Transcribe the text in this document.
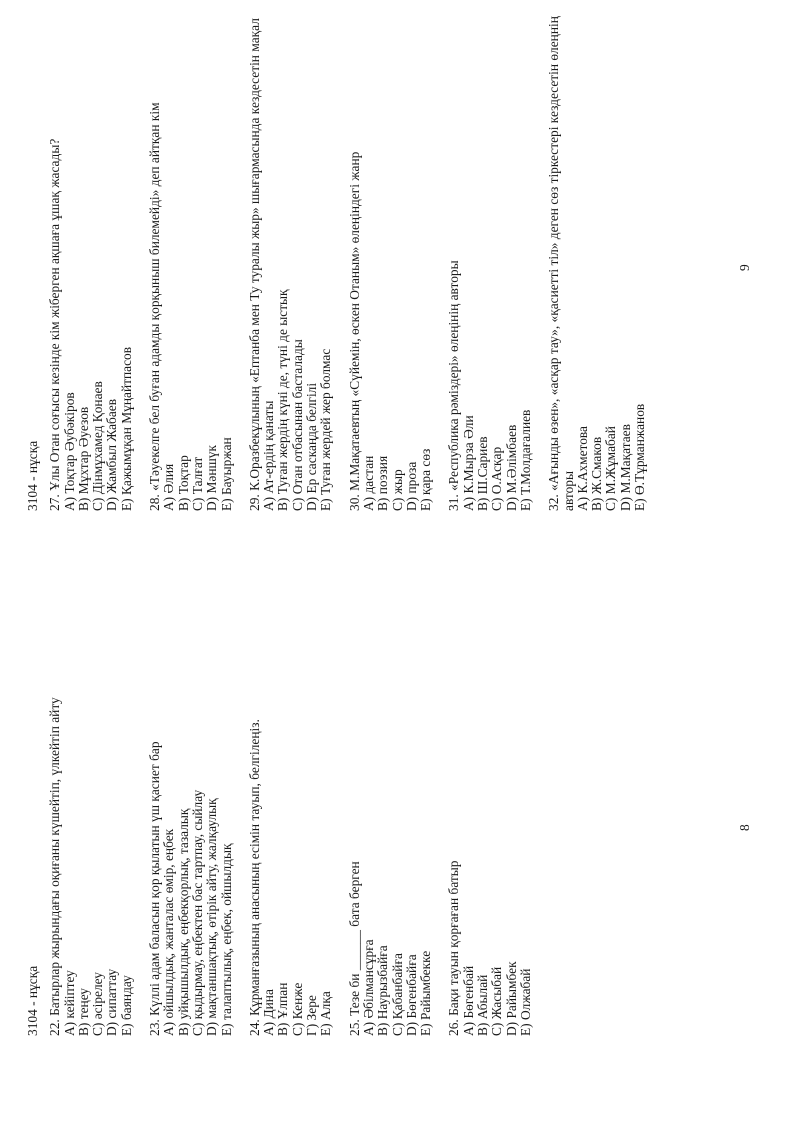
3104 - нұсқа 22. Батырлар жырындағы оқиғаны күшейтіп, үлкейтіп айту А) кейіптеу В) теңеу С) әсірелеу D) сипаттау Е) баяндау 23. Күллі адам баласын қор қылатын үш қасиет бар А) ойшылдық, жанталас өмір, еңбек В) уйқышылдық, еңбекқорлық, тазалық С) қыдырмау, еңбектен бас тартпау, сыйлау D) мақтаншақтық, өтірік айту, жалқаулық Е) талаптылық, еңбек, ойшылдық 24. Құрманғазының анасының есімін тауып, белгілеңіз. А) Дина В) Ұлпан С) Кенже Г) Зере Е) Алқа 25. Тезе би ______ бата берген А) Әбілмансұрға В) Наурызбайға С) Қабанбайға D) Бөгенбайға Е) Райымбекке 26. Бақи тауын қорғаған батыр А) Бөгенбай В) Абылай С) Жасыбай D) Райымбек Е) Олжабай
3104 - нұсқа 27. Ұлы Отан соғысы кезінде кім жіберген ақшаға ұшақ жасады? А) Тоқтар Әубәкіров В) Мұхтар Әуезов С) Дінмұхамед Қонаев D) Жамбыл Жабаев Е) Қажымұқан Мұңайтпасов 28. «Тәуекелге бел буған адамды қорқыныш билемейді» деп айтқан кім А) Әлия В) Тоқтар С) Талғат D) Мәншүк Е) Бауыржан 29. К.Оразбекұлының «Ептанба мен Ту туралы жыр» шығармасында кездесетін мақал А) Ат-ердің қанаты В) Туған жердің күні де, түні де ыстық С) Отан отбасынан басталады D) Ер саскаңда белгілі Е) Туған жердей жер болмас 30. М.Мақатаевтың «Сүйемін, өскен Отаным» өлеңіндегі жанр А) дастан В) поэзия С) жыр D) проза Е) қара сөз 31. «Республика рәміздері» өлеңінің авторы А) К.Мырза Әли В) Ш.Сариев С) О.Асқар D) М.Әлімбаев Е) Т.Молдағалиев 32. «Ағынды өзен», «асқар тау», «қасиетті тіл» деген сөз тіркестері кездесетін өлеңнің авторы А) К.Ахметова В) Ж.Смаков С) М.Жұмабай D) М.Мақатаев Е) Ө.Тұрманжанов
8
9
